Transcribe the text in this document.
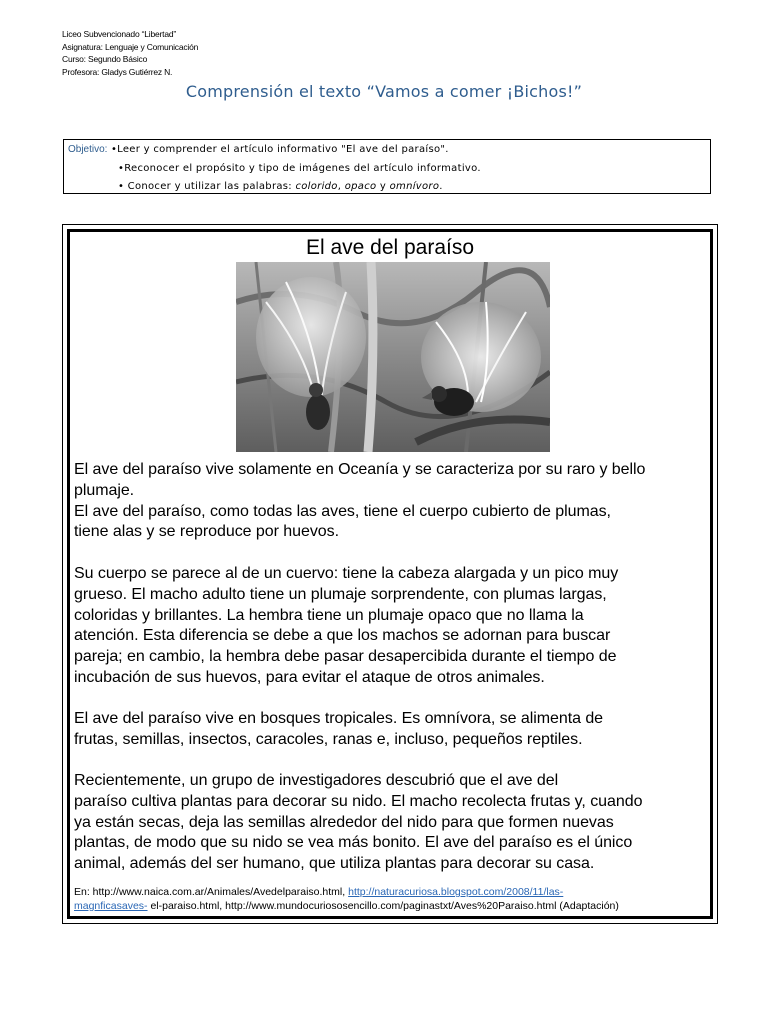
Liceo Subvencionado “Libertad”
Asignatura: Lenguaje y Comunicación
Curso: Segundo Básico
Profesora: Gladys Gutiérrez N.
Comprensión el texto “Vamos a comer ¡Bichos!”
Objetivo: •Leer y comprender el artículo informativo "El ave del paraíso".
•Reconocer el propósito y tipo de imágenes del artículo informativo.
• Conocer y utilizar las palabras: colorido, opaco y omnívoro.
El ave del paraíso
El ave del paraíso vive solamente en Oceanía y se caracteriza por su raro y bello
plumaje.
El ave del paraíso, como todas las aves, tiene el cuerpo cubierto de plumas,
tiene alas y se reproduce por huevos.
Su cuerpo se parece al de un cuervo: tiene la cabeza alargada y un pico muy
grueso. El macho adulto tiene un plumaje sorprendente, con plumas largas,
coloridas y brillantes. La hembra tiene un plumaje opaco que no llama la
atención. Esta diferencia se debe a que los machos se adornan para buscar
pareja; en cambio, la hembra debe pasar desapercibida durante el tiempo de
incubación de sus huevos, para evitar el ataque de otros animales.
El ave del paraíso vive en bosques tropicales. Es omnívora, se alimenta de
frutas, semillas, insectos, caracoles, ranas e, incluso, pequeños reptiles.
Recientemente, un grupo de investigadores descubrió que el ave del
paraíso cultiva plantas para decorar su nido. El macho recolecta frutas y, cuando
ya están secas, deja las semillas alrededor del nido para que formen nuevas
plantas, de modo que su nido se vea más bonito. El ave del paraíso es el único
animal, además del ser humano, que utiliza plantas para decorar su casa.
En: http://www.naica.com.ar/Animales/Avedelparaiso.html, http://naturacuriosa.blogspot.com/2008/11/las-
magnficasaves- el-paraiso.html, http://www.mundocuriososencillo.com/paginastxt/Aves%20Paraiso.html (Adaptación)
